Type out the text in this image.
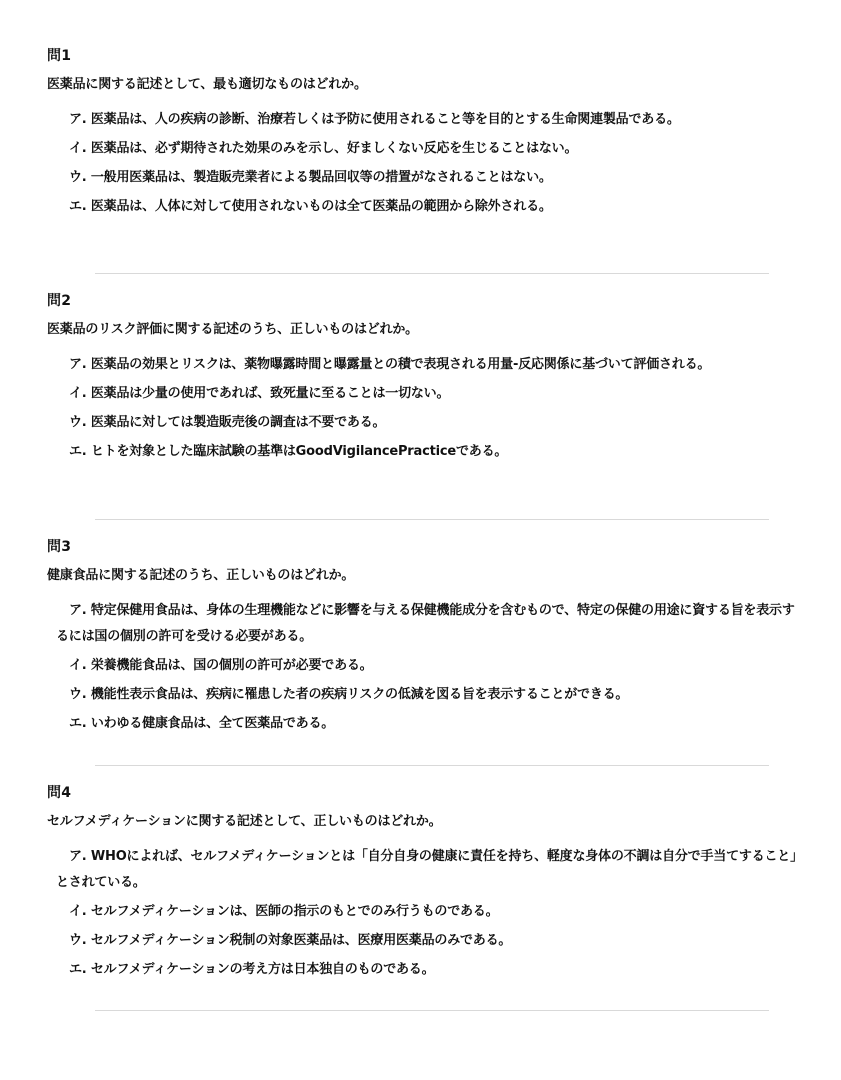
問1
医薬品に関する記述として、最も適切なものはどれか。
ア. 医薬品は、人の疾病の診断、治療若しくは予防に使用されること等を目的とする生命関連製品である。
イ. 医薬品は、必ず期待された効果のみを示し、好ましくない反応を生じることはない。
ウ. 一般用医薬品は、製造販売業者による製品回収等の措置がなされることはない。
エ. 医薬品は、人体に対して使用されないものは全て医薬品の範囲から除外される。
問2
医薬品のリスク評価に関する記述のうち、正しいものはどれか。
ア. 医薬品の効果とリスクは、薬物曝露時間と曝露量との積で表現される用量-反応関係に基づいて評価される。
イ. 医薬品は少量の使用であれば、致死量に至ることは一切ない。
ウ. 医薬品に対しては製造販売後の調査は不要である。
エ. ヒトを対象とした臨床試験の基準はGoodVigilancePracticeである。
問3
健康食品に関する記述のうち、正しいものはどれか。
ア. 特定保健用食品は、身体の生理機能などに影響を与える保健機能成分を含むもので、特定の保健の用途に資する旨を表示するには国の個別の許可を受ける必要がある。
イ. 栄養機能食品は、国の個別の許可が必要である。
ウ. 機能性表示食品は、疾病に罹患した者の疾病リスクの低減を図る旨を表示することができる。
エ. いわゆる健康食品は、全て医薬品である。
問4
セルフメディケーションに関する記述として、正しいものはどれか。
ア. WHOによれば、セルフメディケーションとは「自分自身の健康に責任を持ち、軽度な身体の不調は自分で手当てすること」とされている。
イ. セルフメディケーションは、医師の指示のもとでのみ行うものである。
ウ. セルフメディケーション税制の対象医薬品は、医療用医薬品のみである。
エ. セルフメディケーションの考え方は日本独自のものである。
